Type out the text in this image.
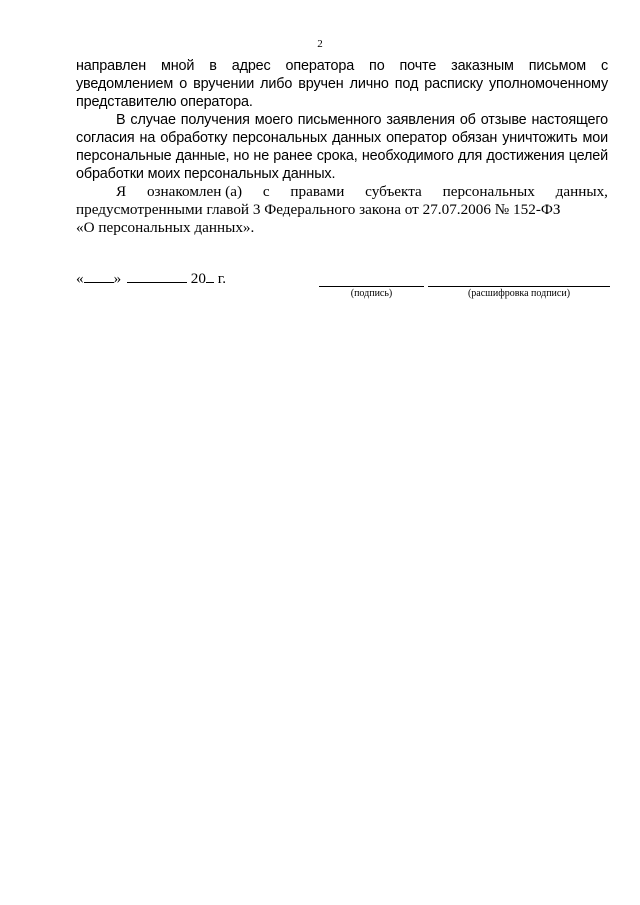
2

направлен мной в адрес оператора по почте заказным письмом с уведомлением о вручении либо вручен лично под расписку уполномоченному представителю оператора.

В случае получения моего письменного заявления об отзыве настоящего согласия на обработку персональных данных оператор обязан уничтожить мои персональные данные, но не ранее срока, необходимого для достижения целей обработки моих персональных данных.

Я ознакомлен (а) с правами субъекта персональных данных,
предусмотренными главой 3 Федерального закона от 27.07.2006 № 152-ФЗ
«О персональных данных».
« »	20 г.
(подпись)	(расшифровка подписи)
